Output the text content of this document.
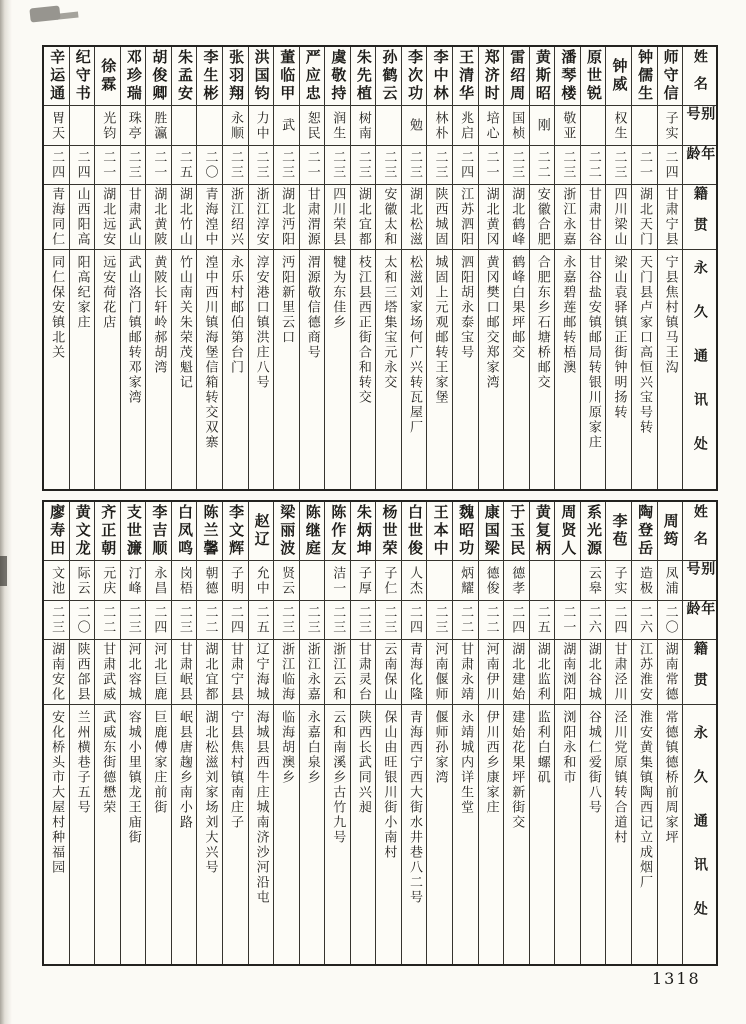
辛运通
胃天
二四
青海同仁
同仁保安镇北关
纪守书
二四
山西阳高
阳高纪家庄
徐霖
光钧
二一
湖北远安
远安荷花店
邓珍瑞
珠亭
二三
甘肃武山
武山洛门镇邮转邓家湾
胡俊卿
胜瀛
二一
湖北黄陂
黄陂长轩岭郝胡湾
朱孟安
二五
湖北竹山
竹山南关朱荣茂魁记
李生彬
二〇
青海湟中
湟中西川镇海堡信箱转交双寨
张羽翔
永顺
二三
浙江绍兴
永乐村邮伯第台门
洪国钧
力中
二三
浙江淳安
淳安港口镇洪庄八号
董临甲
武
二三
湖北沔阳
沔阳新里云口
严应忠
恕民
二一
甘肃渭源
渭源敬信德商号
虞敬持
润生
二三
四川荣县
犍为东佳乡
朱先植
树南
二三
湖北宜都
枝江县西正街合和转交
孙鹤云
二三
安徽太和
太和三塔集宝元永交
李次功
勉
二三
湖北松滋
松滋刘家场何广兴转瓦屋厂
李中林
林朴
二三
陕西城固
城固上元观邮转王家堡
王清华
兆启
二四
江苏泗阳
泗阳胡永泰宝号
郑济时
培心
二一
湖北黄冈
黄冈樊口邮交郑家湾
雷绍周
国桢
二三
湖北鹤峰
鹤峰白果坪邮交
黄斯昭
刚
二二
安徽合肥
合肥东乡石塘桥邮交
潘琴楼
敬亚
二三
浙江永嘉
永嘉碧莲邮转梧澳
原世锐
二二
甘肃甘谷
甘谷盐安镇邮局转银川原家庄
钟威
权生
二三
四川梁山
梁山袁驿镇正街钟明扬转
钟儒生
二一
湖北天门
天门县卢家口高恒兴宝号转
师守信
子实
二四
甘肃宁县
宁县焦村镇马王沟
姓名
别号
年龄
籍贯
永久通讯处
廖寿田
文池
二三
湖南安化
安化桥头市大屋村种福园
黄文龙
际云
二〇
陕西郃县
兰州横巷子五号
齐正朝
元庆
二二
甘肃武威
武威东街德懋荣
支世濂
汀峰
二三
河北容城
容城小里镇龙王庙街
李吉顺
永昌
二四
河北巨鹿
巨鹿傅家庄前街
白凤鸣
岗梧
二三
甘肃岷县
岷县唐趜乡南小路
陈兰馨
朝德
二二
湖北宜都
湖北松滋刘家场刘大兴号
李文辉
子明
二四
甘肃宁县
宁县焦村镇南庄子
赵辽
允中
二五
辽宁海城
海城县西牛庄城南济沙河沿屯
梁丽波
贤云
二三
浙江临海
临海胡澳乡
陈继庭
二三
浙江永嘉
永嘉白泉乡
陈作友
洁一
二三
浙江云和
云和南溪乡古竹九号
朱炳坤
子厚
二三
甘肃灵台
陕西长武同兴昶
杨世荣
子仁
二三
云南保山
保山由旺银川街小南村
白世俊
人杰
二四
青海化隆
青海西宁西大街水井巷八二号
王本中
二三
河南偃师
偃师孙家湾
魏昭功
炳耀
二二
甘肃永靖
永靖城内详生堂
康国梁
德俊
二二
河南伊川
伊川西乡康家庄
于玉民
德孝
二四
湖北建始
建始花果坪新街交
黄复柄
二五
湖北监利
监利白螺矶
周贤人
二一
湖南浏阳
浏阳永和市
系光源
云皋
二六
湖北谷城
谷城仁爱街八号
李苞
子实
二四
甘肃泾川
泾川党原镇转合道村
陶登岳
造极
二六
江苏淮安
淮安黄集镇陶西记立成烟厂
周筠
凤浦
二〇
湖南常德
常德镇德桥前周家坪
姓名
别号
年龄
籍贯
永久通讯处
1318
